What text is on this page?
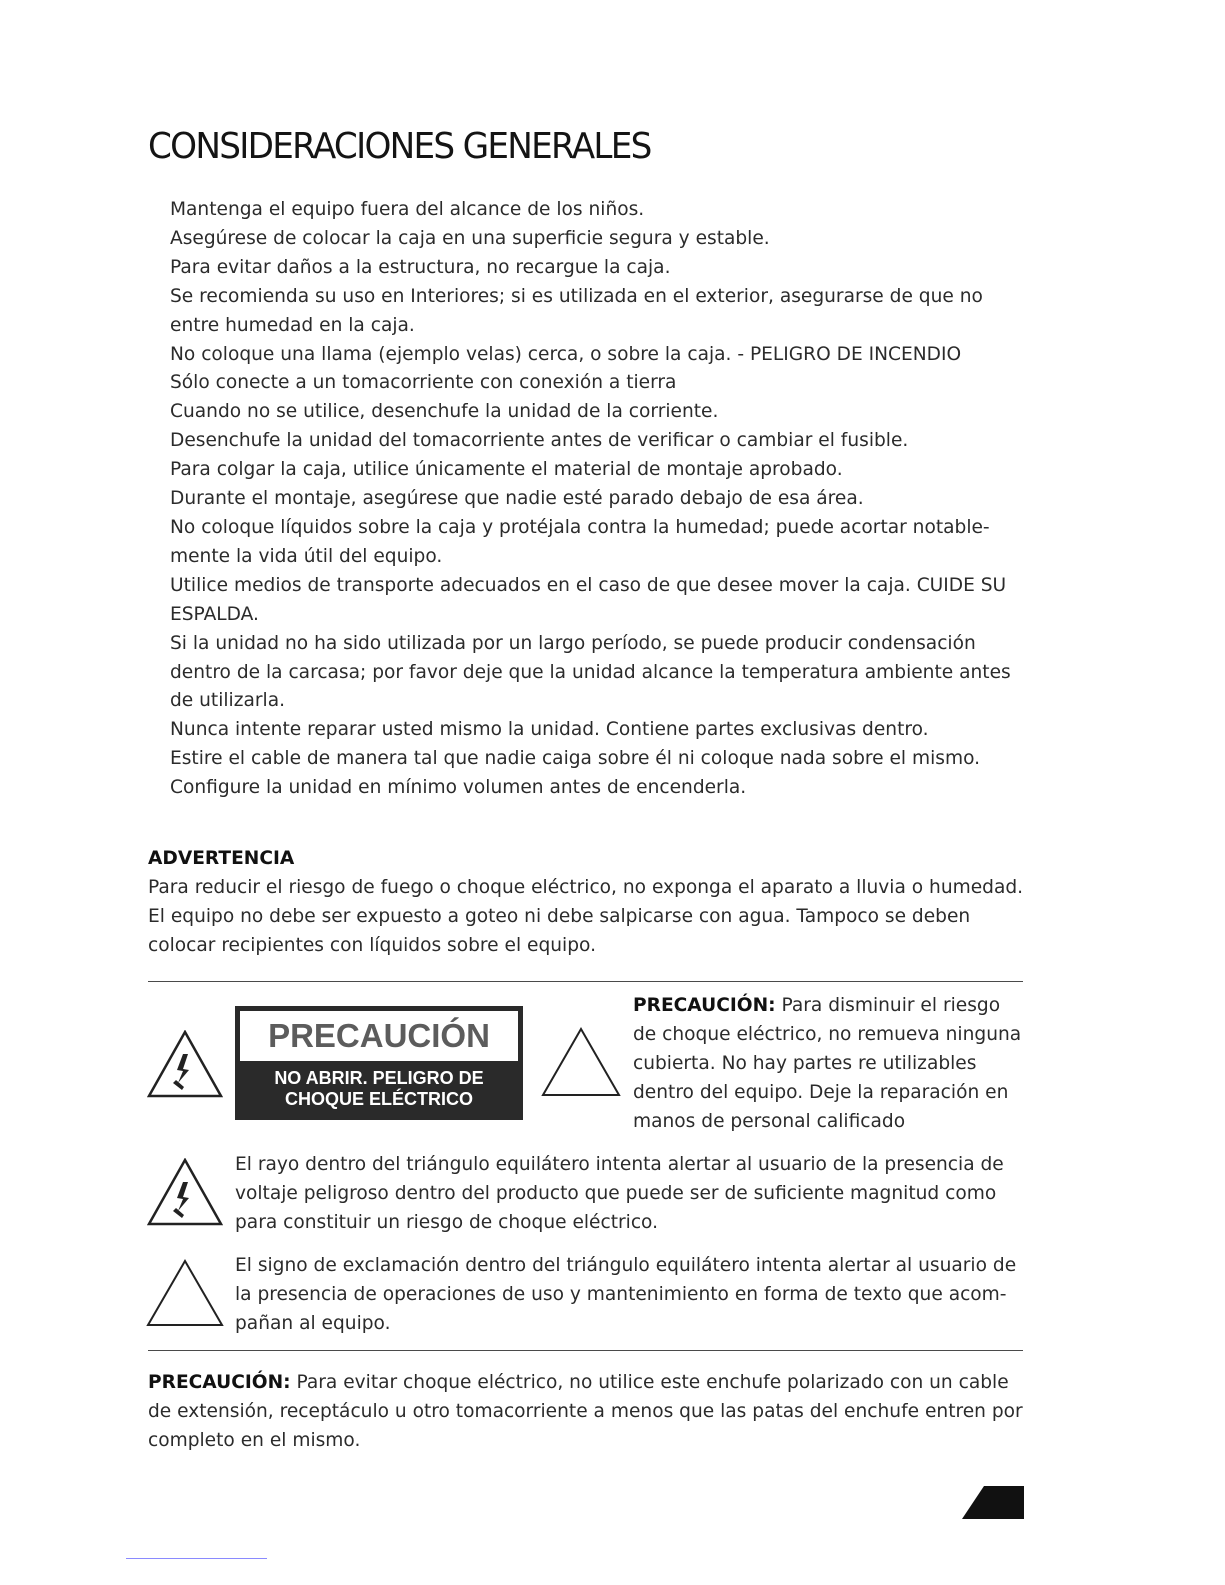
CONSIDERACIONES GENERALES
Mantenga el equipo fuera del alcance de los niños.
Asegúrese de colocar la caja en una superficie segura y estable.
Para evitar daños a la estructura, no recargue la caja.
Se recomienda su uso en Interiores; si es utilizada en el exterior, asegurarse de que no entre humedad en la caja.
No coloque una llama (ejemplo velas) cerca, o sobre la caja. - PELIGRO DE INCENDIO
Sólo conecte a un tomacorriente con conexión a tierra
Cuando no se utilice, desenchufe la unidad de la corriente.
Desenchufe la unidad del tomacorriente antes de verificar o cambiar el fusible.
Para colgar la caja, utilice únicamente el material de montaje aprobado.
Durante el montaje, asegúrese que nadie esté parado debajo de esa área.
No coloque líquidos sobre la caja y protéjala contra la humedad; puede acortar notable-mente la vida útil del equipo.
Utilice medios de transporte adecuados en el caso de que desee mover la caja. CUIDE SU ESPALDA.
Si la unidad no ha sido utilizada por un largo período, se puede producir condensación dentro de la carcasa; por favor deje que la unidad alcance la temperatura ambiente antes de utilizarla.
Nunca intente reparar usted mismo la unidad. Contiene partes exclusivas dentro.
Estire el cable de manera tal que nadie caiga sobre él ni coloque nada sobre el mismo.
Configure la unidad en mínimo volumen antes de encenderla.
ADVERTENCIA
Para reducir el riesgo de fuego o choque eléctrico, no exponga el aparato a lluvia o humedad. El equipo no debe ser expuesto a goteo ni debe salpicarse con agua. Tampoco se deben colocar recipientes con líquidos sobre el equipo.
PRECAUCIÓN
NO ABRIR. PELIGRO DE
CHOQUE ELÉCTRICO
PRECAUCIÓN: Para disminuir el riesgo de choque eléctrico, no remueva ninguna cubierta. No hay partes re utilizables dentro del equipo. Deje la reparación en manos de personal calificado
El rayo dentro del triángulo equilátero intenta alertar al usuario de la presencia de voltaje peligroso dentro del producto que puede ser de suficiente magnitud como para constituir un riesgo de choque eléctrico.
El signo de exclamación dentro del triángulo equilátero intenta alertar al usuario de la presencia de operaciones de uso y mantenimiento en forma de texto que acom-pañan al equipo.
PRECAUCIÓN: Para evitar choque eléctrico, no utilice este enchufe polarizado con un cable de extensión, receptáculo u otro tomacorriente a menos que las patas del enchufe entren por completo en el mismo.
